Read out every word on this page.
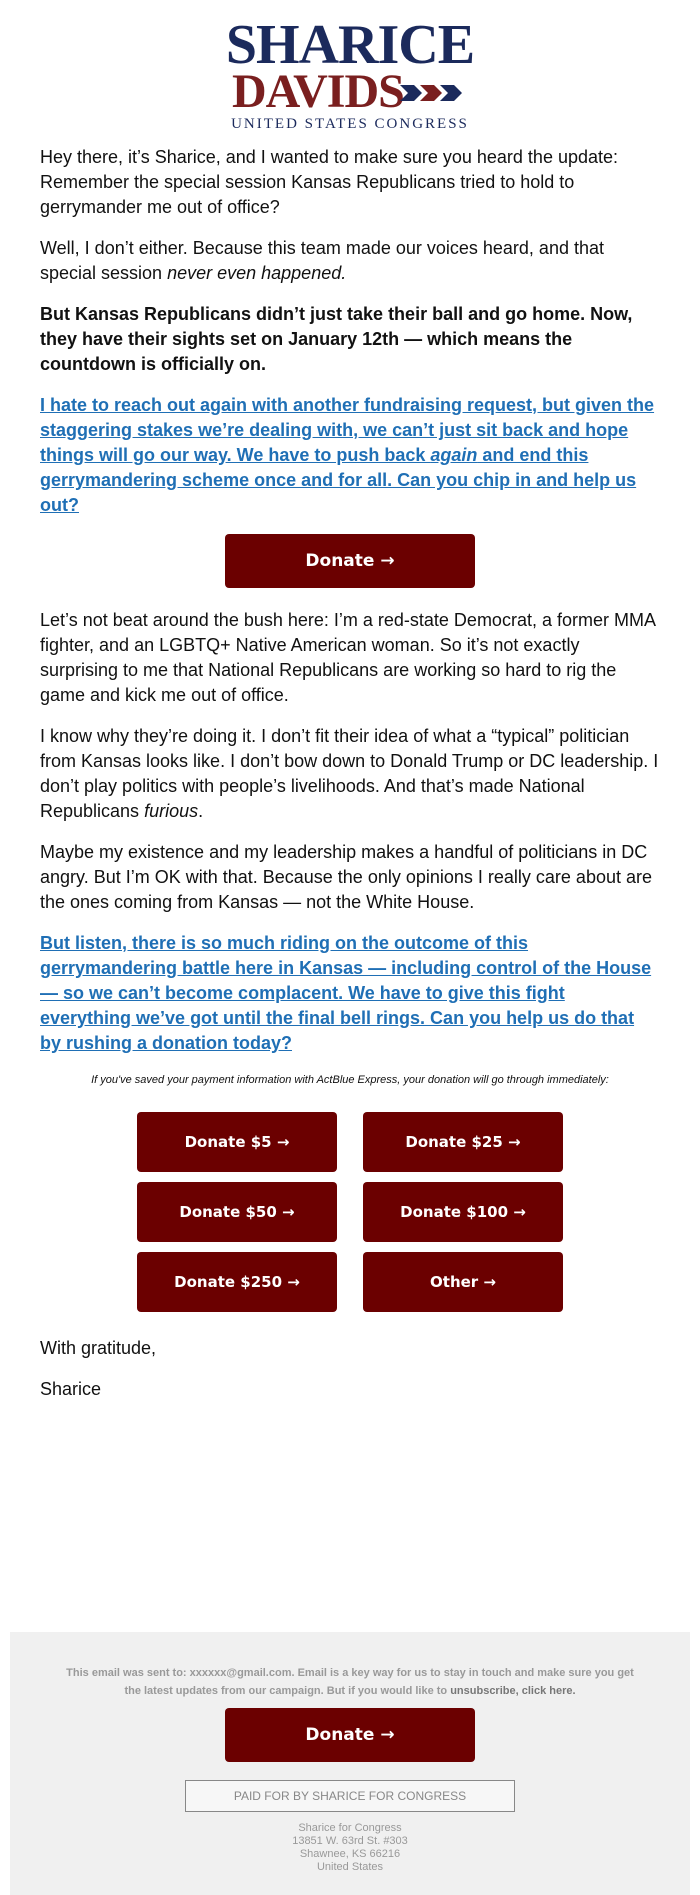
SHARICE
DAVIDS
UNITED STATES CONGRESS

Hey there, it’s Sharice, and I wanted to make sure you heard the update: Remember the special session Kansas Republicans tried to hold to gerrymander me out of office?

Well, I don’t either. Because this team made our voices heard, and that special session never even happened.

But Kansas Republicans didn’t just take their ball and go home. Now, they have their sights set on January 12th — which means the countdown is officially on.

I hate to reach out again with another fundraising request, but given the staggering stakes we’re dealing with, we can’t just sit back and hope things will go our way. We have to push back again and end this gerrymandering scheme once and for all. Can you chip in and help us out?

Donate →

Let’s not beat around the bush here: I’m a red-state Democrat, a former MMA fighter, and an LGBTQ+ Native American woman. So it’s not exactly surprising to me that National Republicans are working so hard to rig the game and kick me out of office.

I know why they’re doing it. I don’t fit their idea of what a “typical” politician from Kansas looks like. I don’t bow down to Donald Trump or DC leadership. I don’t play politics with people’s livelihoods. And that’s made National Republicans furious.

Maybe my existence and my leadership makes a handful of politicians in DC angry. But I’m OK with that. Because the only opinions I really care about are the ones coming from Kansas — not the White House.

But listen, there is so much riding on the outcome of this gerrymandering battle here in Kansas — including control of the House — so we can’t become complacent. We have to give this fight everything we’ve got until the final bell rings. Can you help us do that by rushing a donation today?

If you've saved your payment information with ActBlue Express, your donation will go through immediately:
Donate $5 →	Donate $25 →
Donate $50 →	Donate $100 →
Donate $250 →	Other →

With gratitude,

Sharice

This email was sent to: xxxxxx@gmail.com. Email is a key way for us to stay in touch and make sure you get the latest updates from our campaign. But if you would like to unsubscribe, click here.
Donate →
PAID FOR BY SHARICE FOR CONGRESS
Sharice for Congress
13851 W. 63rd St. #303
Shawnee, KS 66216
United States
